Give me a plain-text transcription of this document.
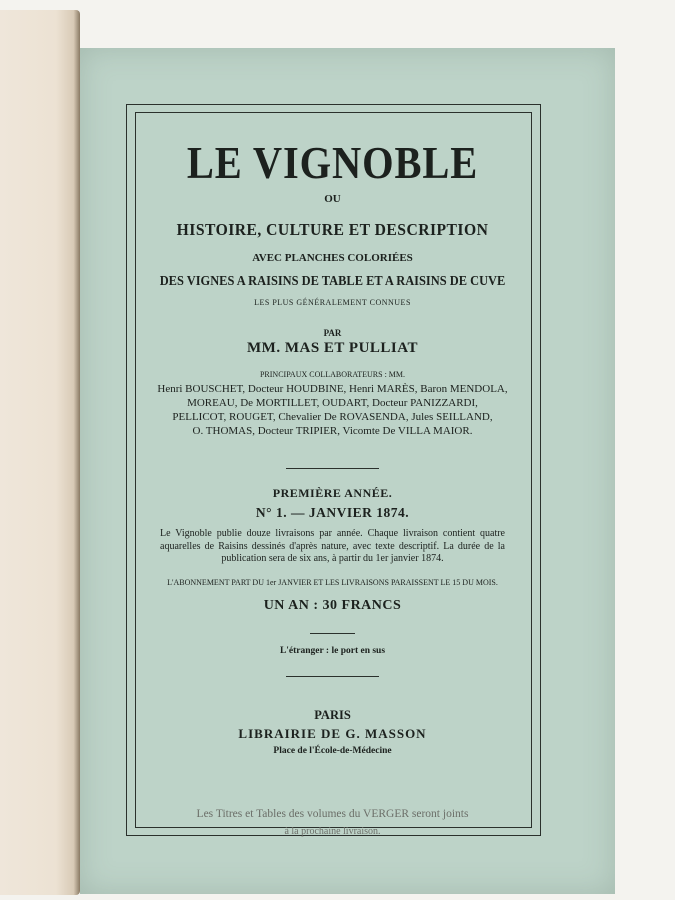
LE VIGNOBLE

OU

HISTOIRE, CULTURE ET DESCRIPTION

AVEC PLANCHES COLORIÉES

DES VIGNES A RAISINS DE TABLE ET A RAISINS DE CUVE

LES PLUS GÉNÉRALEMENT CONNUES

PAR

MM. MAS ET PULLIAT

PRINCIPAUX COLLABORATEURS : MM.

Henri BOUSCHET, Docteur HOUDBINE, Henri MARÈS, Baron MENDOLA,
MOREAU, De MORTILLET, OUDART, Docteur PANIZZARDI,
PELLICOT, ROUGET, Chevalier De ROVASENDA, Jules SEILLAND,
O. THOMAS, Docteur TRIPIER, Vicomte De VILLA MAIOR.

PREMIÈRE ANNÉE.

N° 1. — JANVIER 1874.

Le Vignoble publie douze livraisons par année. Chaque livraison contient quatre aquarelles de Raisins dessinés d'après nature, avec texte descriptif. La durée de la publication sera de six ans, à partir du 1er janvier 1874.

L'ABONNEMENT PART DU 1er JANVIER ET LES LIVRAISONS PARAISSENT LE 15 DU MOIS.

UN AN : 30 FRANCS

L'étranger : le port en sus

PARIS

LIBRAIRIE DE G. MASSON

Place de l'École-de-Médecine

Les Titres et Tables des volumes du VERGER seront joints

à la prochaine livraison.
